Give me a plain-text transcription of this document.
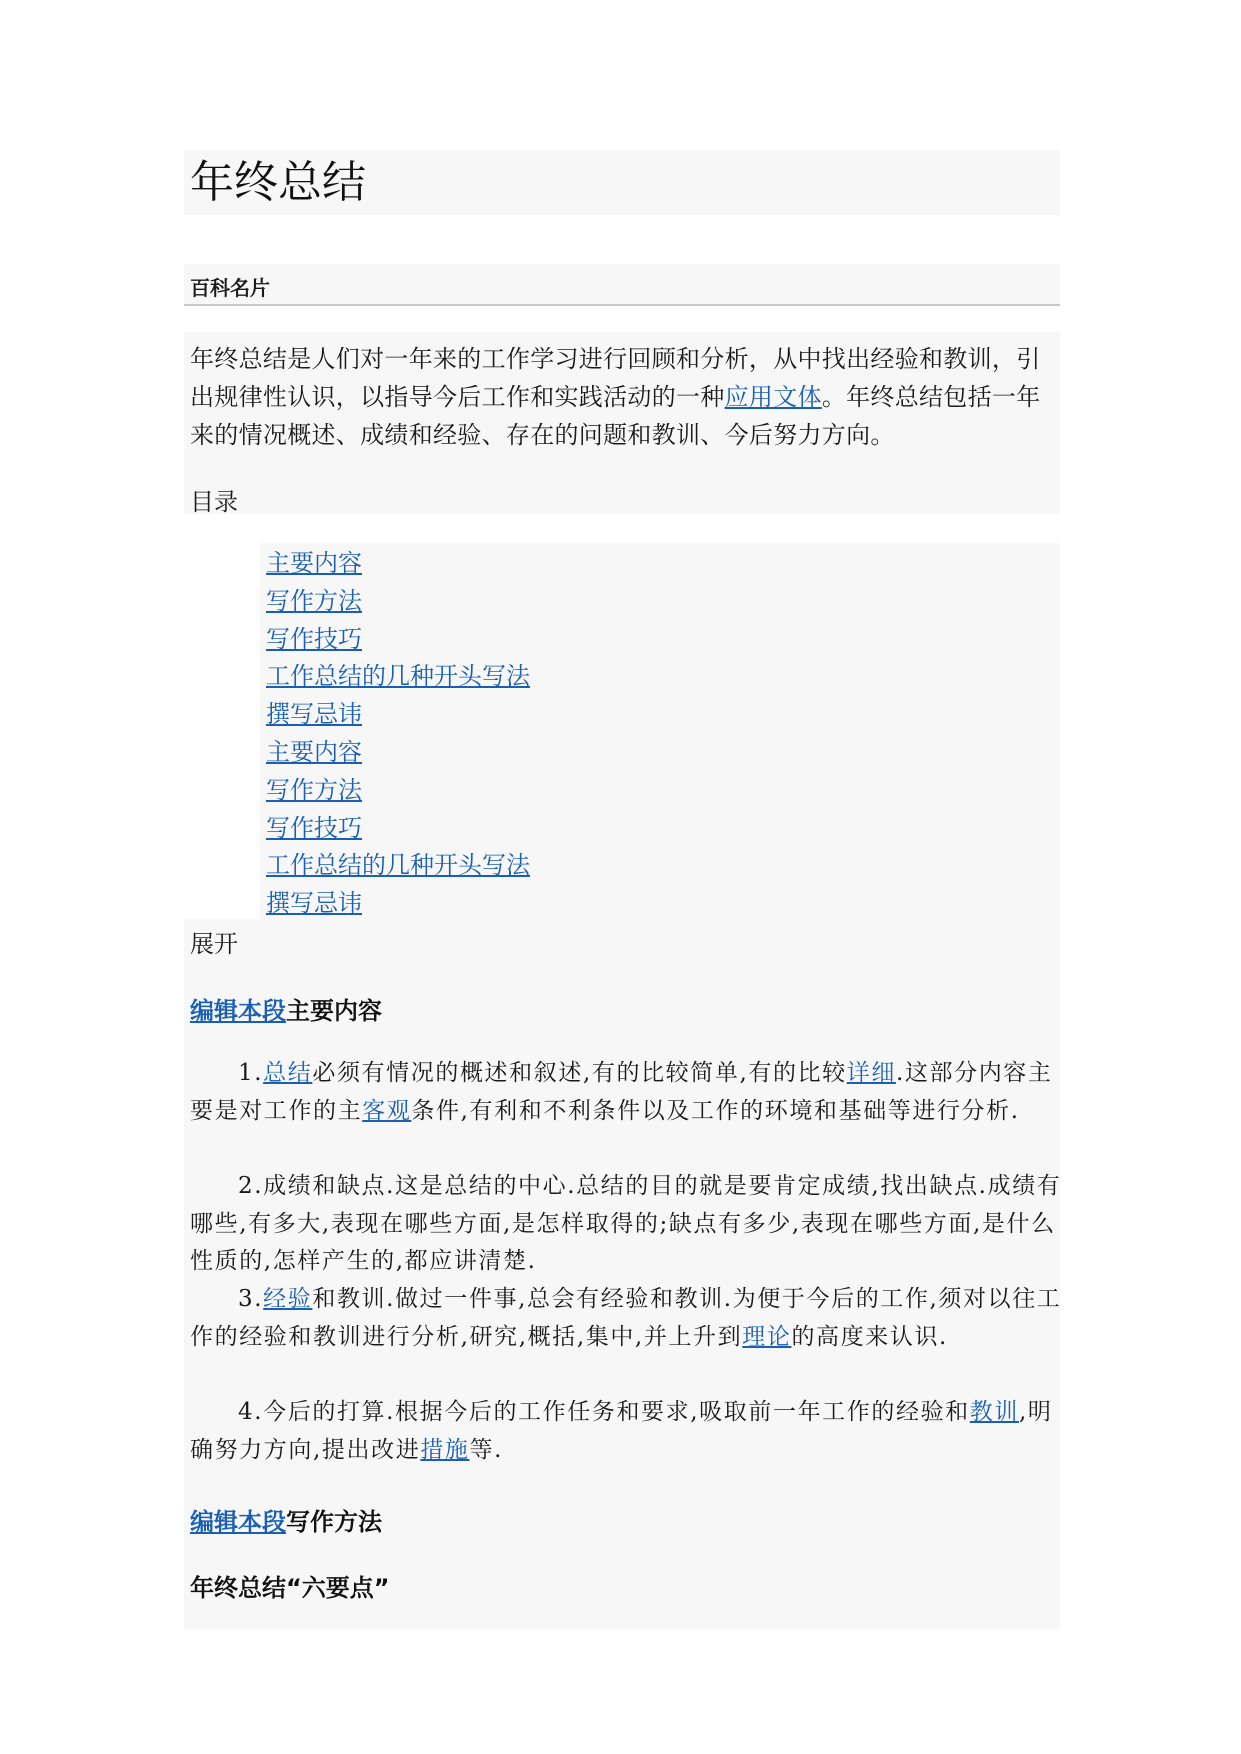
年终总结
百科名片

年终总结是人们对一年来的工作学习进行回顾和分析，从中找出经验和教训，引出规律性认识，以指导今后工作和实践活动的一种应用文体。年终总结包括一年来的情况概述、成绩和经验、存在的问题和教训、今后努力方向。

目录
主要内容
写作方法
写作技巧
工作总结的几种开头写法
撰写忌讳
主要内容
写作方法
写作技巧
工作总结的几种开头写法
撰写忌讳
展开
编辑本段主要内容

1.总结必须有情况的概述和叙述,有的比较简单,有的比较详细.这部分内容主要是对工作的主客观条件,有利和不利条件以及工作的环境和基础等进行分析.

2.成绩和缺点.这是总结的中心.总结的目的就是要肯定成绩,找出缺点.成绩有哪些,有多大,表现在哪些方面,是怎样取得的;缺点有多少,表现在哪些方面,是什么性质的,怎样产生的,都应讲清楚.

3.经验和教训.做过一件事,总会有经验和教训.为便于今后的工作,须对以往工作的经验和教训进行分析,研究,概括,集中,并上升到理论的高度来认识.

4.今后的打算.根据今后的工作任务和要求,吸取前一年工作的经验和教训,明确努力方向,提出改进措施等.

编辑本段写作方法
年终总结“六要点”
